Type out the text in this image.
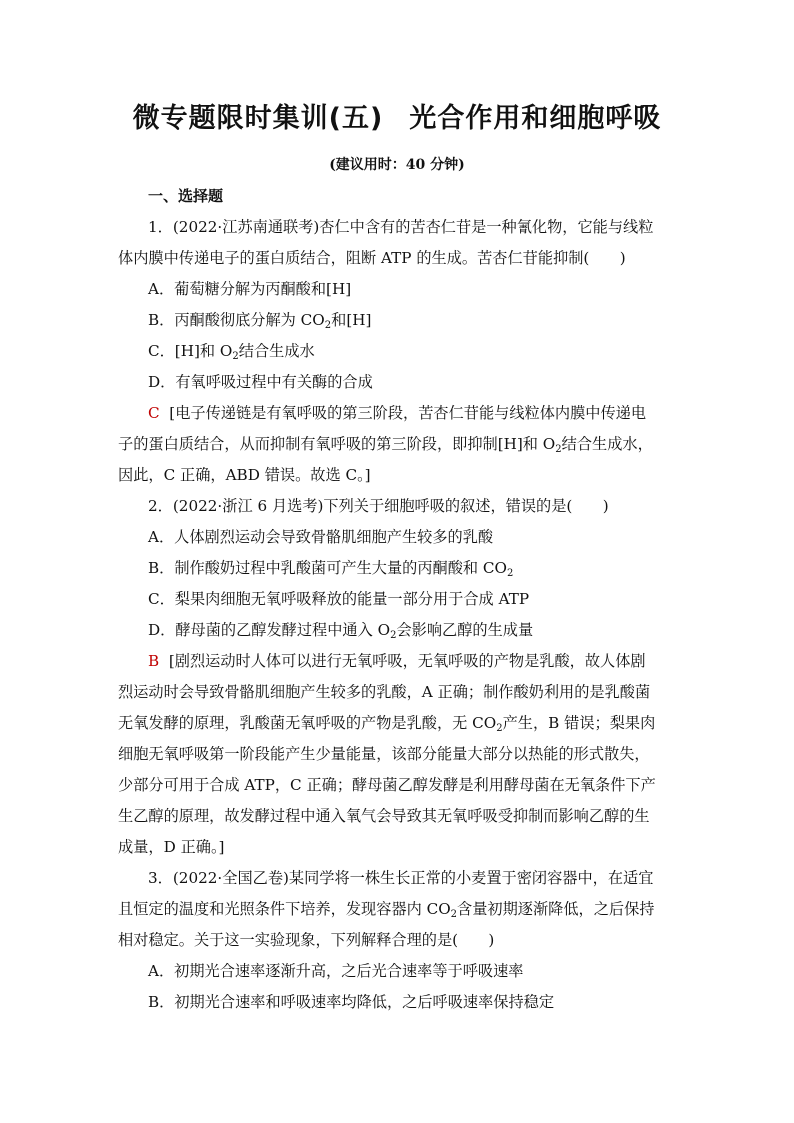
微专题限时集训(五) 光合作用和细胞呼吸
(建议用时：40 分钟)
一、选择题
1．(2022·江苏南通联考)杏仁中含有的苦杏仁苷是一种氰化物，它能与线粒
体内膜中传递电子的蛋白质结合，阻断 ATP 的生成。苦杏仁苷能抑制(　　)
A．葡萄糖分解为丙酮酸和[H]
B．丙酮酸彻底分解为 $CO_2$和[H]
C．[H]和 $O_2$结合生成水
D．有氧呼吸过程中有关酶的合成
C [电子传递链是有氧呼吸的第三阶段，苦杏仁苷能与线粒体内膜中传递电
子的蛋白质结合，从而抑制有氧呼吸的第三阶段，即抑制[H]和 $O_2$结合生成水，
因此，C 正确，ABD 错误。故选 C。]
2．(2022·浙江 6 月选考)下列关于细胞呼吸的叙述，错误的是(　　)
A．人体剧烈运动会导致骨骼肌细胞产生较多的乳酸
B．制作酸奶过程中乳酸菌可产生大量的丙酮酸和 $CO_2$
C．梨果肉细胞无氧呼吸释放的能量一部分用于合成 ATP
D．酵母菌的乙醇发酵过程中通入 $O_2$会影响乙醇的生成量
B [剧烈运动时人体可以进行无氧呼吸，无氧呼吸的产物是乳酸，故人体剧
烈运动时会导致骨骼肌细胞产生较多的乳酸，A 正确；制作酸奶利用的是乳酸菌
无氧发酵的原理，乳酸菌无氧呼吸的产物是乳酸，无 $CO_2$产生，B 错误；梨果肉
细胞无氧呼吸第一阶段能产生少量能量，该部分能量大部分以热能的形式散失，
少部分可用于合成 ATP，C 正确；酵母菌乙醇发酵是利用酵母菌在无氧条件下产
生乙醇的原理，故发酵过程中通入氧气会导致其无氧呼吸受抑制而影响乙醇的生
成量，D 正确。]
3．(2022·全国乙卷)某同学将一株生长正常的小麦置于密闭容器中，在适宜
且恒定的温度和光照条件下培养，发现容器内 $CO_2$含量初期逐渐降低，之后保持
相对稳定。关于这一实验现象，下列解释合理的是(　　)
A．初期光合速率逐渐升高，之后光合速率等于呼吸速率
B．初期光合速率和呼吸速率均降低，之后呼吸速率保持稳定
